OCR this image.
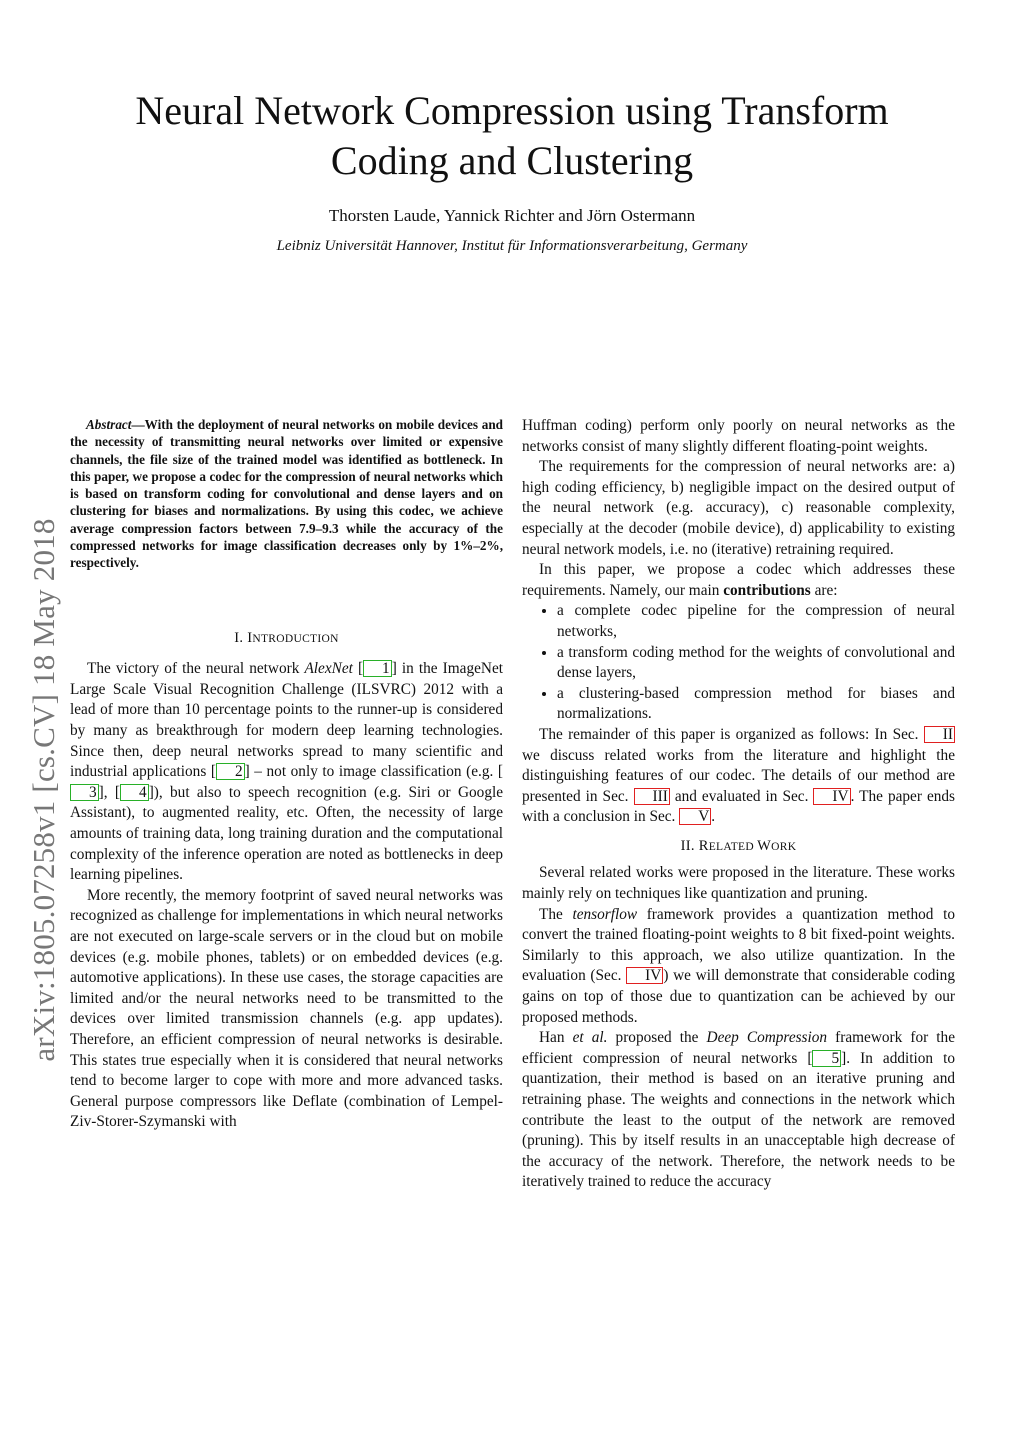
Neural Network Compression using Transform
Coding and Clustering
Thorsten Laude, Yannick Richter and Jörn Ostermann
Leibniz Universität Hannover, Institut für Informationsverarbeitung, Germany
arXiv:1805.07258v1 [cs.CV] 18 May 2018

Abstract—With the deployment of neural networks on mobile devices and the necessity of transmitting neural networks over limited or expensive channels, the file size of the trained model was identified as bottleneck. In this paper, we propose a codec for the compression of neural networks which is based on transform coding for convolutional and dense layers and on clustering for biases and normalizations. By using this codec, we achieve average compression factors between 7.9–9.3 while the accuracy of the compressed networks for image classification decreases only by 1%–2%, respectively.

I. INTRODUCTION

The victory of the neural network AlexNet [ 1 ] in the ImageNet Large Scale Visual Recognition Challenge (ILSVRC) 2012 with a lead of more than 10 percentage points to the runner-up is considered by many as breakthrough for modern deep learning technologies. Since then, deep neural networks spread to many scientific and industrial applications [ 2 ] – not only to image classification (e.g. [3 ], [ 4 ]), but also to speech recognition (e.g. Siri or Google Assistant), to augmented reality, etc. Often, the necessity of large amounts of training data, long training duration and the computational complexity of the inference operation are noted as bottlenecks in deep learning pipelines.

More recently, the memory footprint of saved neural networks was recognized as challenge for implementations in which neural networks are not executed on large-scale servers or in the cloud but on mobile devices (e.g. mobile phones, tablets) or on embedded devices (e.g. automotive applications). In these use cases, the storage capacities are limited and/or the neural networks need to be transmitted to the devices over limited transmission channels (e.g. app updates). Therefore, an efficient compression of neural networks is desirable. This states true especially when it is considered that neural networks tend to become larger to cope with more and more advanced tasks. General purpose compressors like Deflate (combination of Lempel-Ziv-Storer-Szymanski with

Huffman coding) perform only poorly on neural networks as the networks consist of many slightly different floating-point weights.

The requirements for the compression of neural networks are: a) high coding efficiency, b) negligible impact on the desired output of the neural network (e.g. accuracy), c) reasonable complexity, especially at the decoder (mobile device), d) applicability to existing neural network models, i.e. no (iterative) retraining required.

In this paper, we propose a codec which addresses these requirements. Namely, our main contributions are:

• a complete codec pipeline for the compression of neural networks,
• a transform coding method for the weights of convolutional and dense layers,
• a clustering-based compression method for biases and normalizations.

The remainder of this paper is organized as follows: In Sec. II we discuss related works from the literature and highlight the distinguishing features of our codec. The details of our method are presented in Sec. III and evaluated in Sec. IV . The paper ends with a conclusion in Sec. V .

II. RELATED WORK

Several related works were proposed in the literature. These works mainly rely on techniques like quantization and pruning.

The tensorflow framework provides a quantization method to convert the trained floating-point weights to 8 bit fixed-point weights. Similarly to this approach, we also utilize quantization. In the evaluation (Sec. IV ) we will demonstrate that considerable coding gains on top of those due to quantization can be achieved by our proposed methods.

Han et al. proposed the Deep Compression framework for the efficient compression of neural networks [ 5 ]. In addition to quantization, their method is based on an iterative pruning and retraining phase. The weights and connections in the network which contribute the least to the output of the network are removed (pruning). This by itself results in an unacceptable high decrease of the accuracy of the network. Therefore, the network needs to be iteratively trained to reduce the accuracy
